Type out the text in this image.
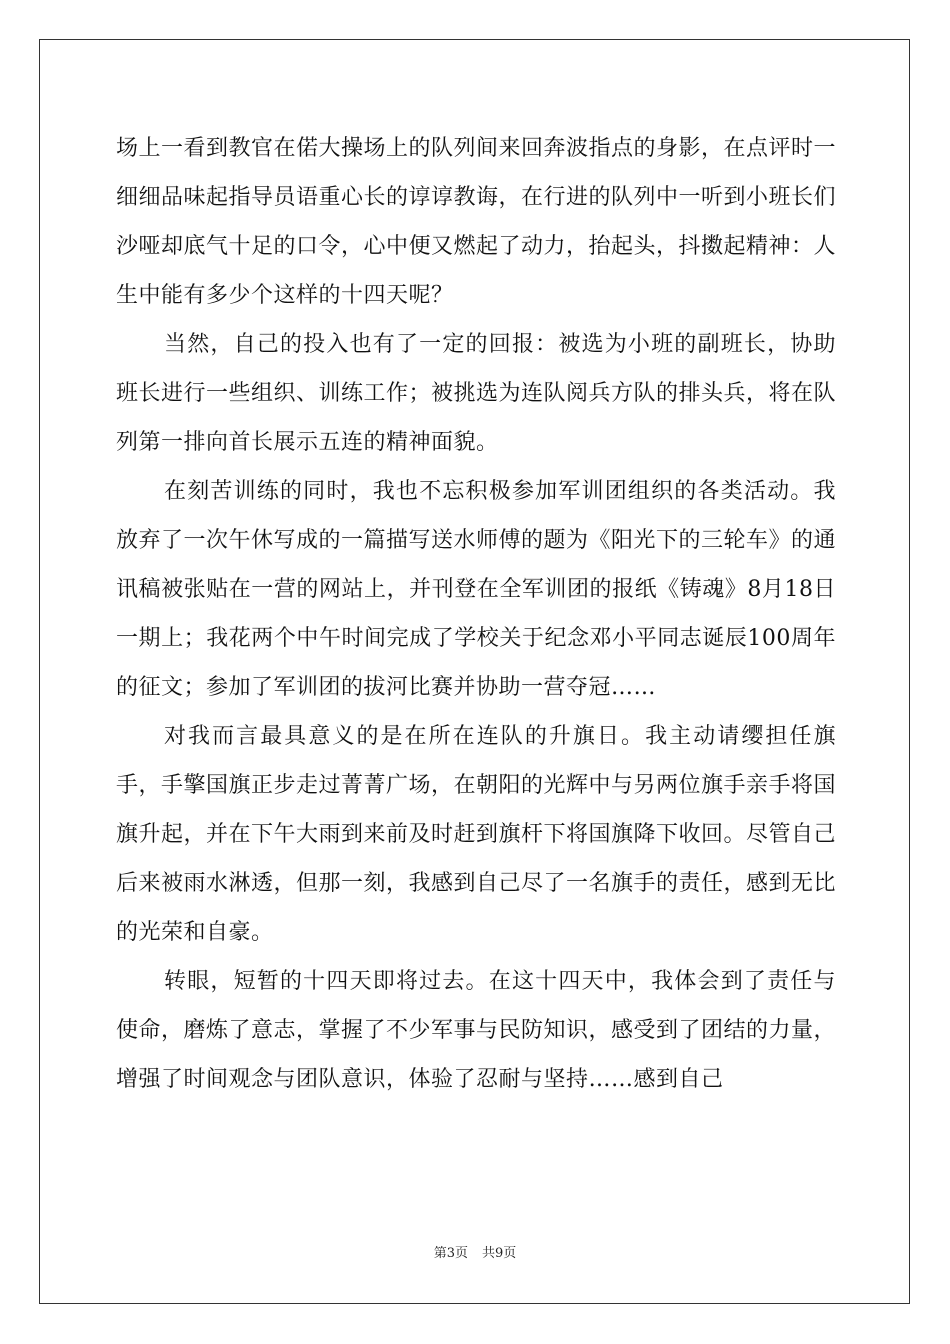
场上一看到教官在偌大操场上的队列间来回奔波指点的身影，在点评时一细细品味起指导员语重心长的谆谆教诲，在行进的队列中一听到小班长们沙哑却底气十足的口令，心中便又燃起了动力，抬起头，抖擞起精神：人生中能有多少个这样的十四天呢？

当然，自己的投入也有了一定的回报：被选为小班的副班长，协助班长进行一些组织、训练工作；被挑选为连队阅兵方队的排头兵，将在队列第一排向首长展示五连的精神面貌。

在刻苦训练的同时，我也不忘积极参加军训团组织的各类活动。我放弃了一次午休写成的一篇描写送水师傅的题为《阳光下的三轮车》的通讯稿被张贴在一营的网站上，并刊登在全军训团的报纸《铸魂》8月18日一期上；我花两个中午时间完成了学校关于纪念邓小平同志诞辰100周年的征文；参加了军训团的拔河比赛并协助一营夺冠……

对我而言最具意义的是在所在连队的升旗日。我主动请缨担任旗手，手擎国旗正步走过菁菁广场，在朝阳的光辉中与另两位旗手亲手将国旗升起，并在下午大雨到来前及时赶到旗杆下将国旗降下收回。尽管自己后来被雨水淋透，但那一刻，我感到自己尽了一名旗手的责任，感到无比的光荣和自豪。

转眼，短暂的十四天即将过去。在这十四天中，我体会到了责任与使命，磨炼了意志，掌握了不少军事与民防知识，感受到了团结的力量，增强了时间观念与团队意识，体验了忍耐与坚持……感到自己

第3页 共9页
